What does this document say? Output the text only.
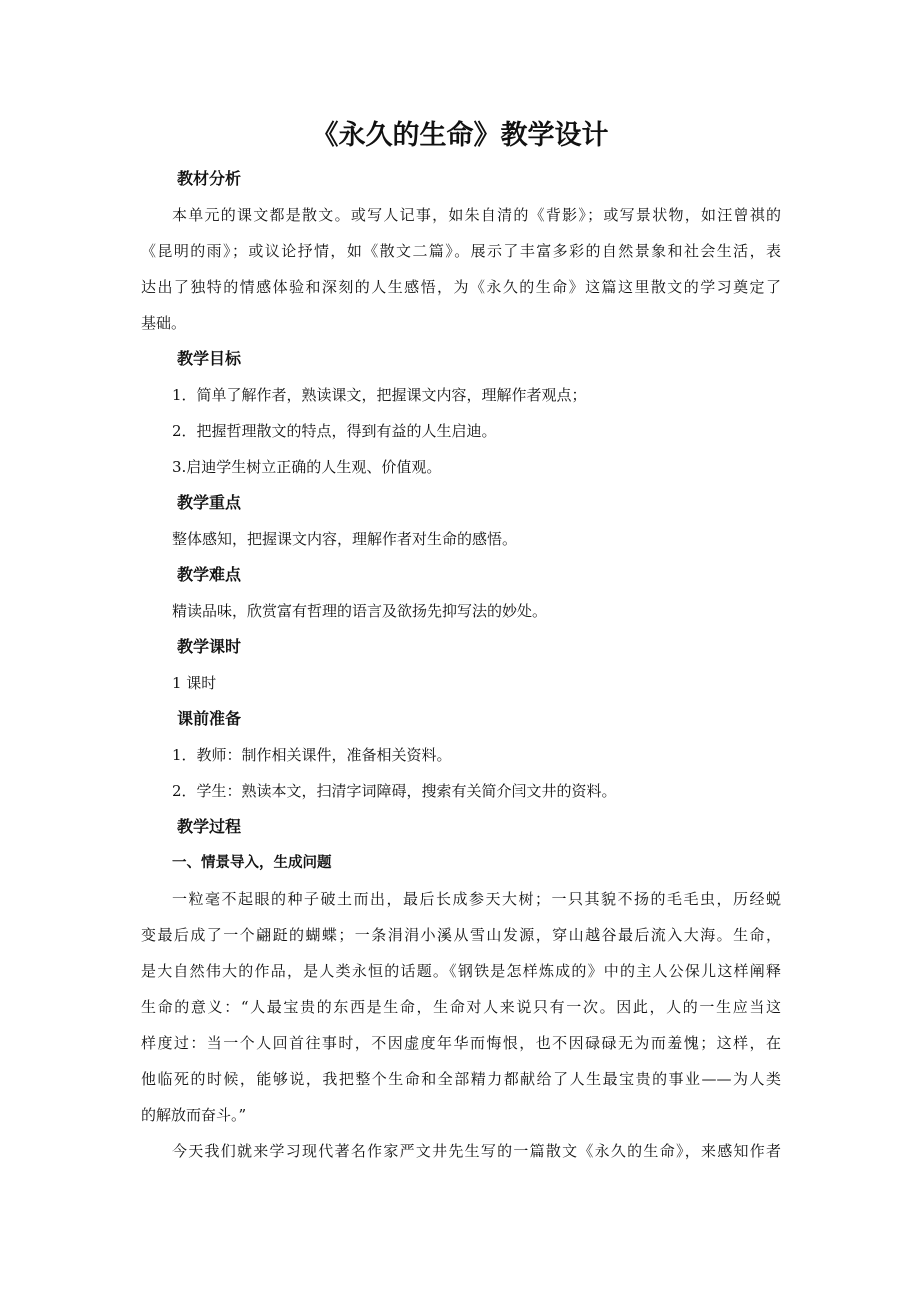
《永久的生命》教学设计
教材分析
本单元的课文都是散文。或写人记事，如朱自清的《背影》；或写景状物，如汪曾祺的
《昆明的雨》；或议论抒情，如《散文二篇》。展示了丰富多彩的自然景象和社会生活，表
达出了独特的情感体验和深刻的人生感悟，为《永久的生命》这篇这里散文的学习奠定了
基础。
教学目标
1．简单了解作者，熟读课文，把握课文内容，理解作者观点；
2．把握哲理散文的特点，得到有益的人生启迪。
3.启迪学生树立正确的人生观、价值观。
教学重点
整体感知，把握课文内容，理解作者对生命的感悟。
教学难点
精读品味，欣赏富有哲理的语言及欲扬先抑写法的妙处。
教学课时
1 课时
课前准备
1．教师：制作相关课件，准备相关资料。
2．学生：熟读本文，扫清字词障碍，搜索有关简介闫文井的资料。
教学过程
一、情景导入，生成问题
一粒毫不起眼的种子破土而出，最后长成参天大树；一只其貌不扬的毛毛虫，历经蜕
变最后成了一个翩跹的蝴蝶；一条涓涓小溪从雪山发源，穿山越谷最后流入大海。生命，
是大自然伟大的作品，是人类永恒的话题。《钢铁是怎样炼成的》中的主人公保儿这样阐释
生命的意义：“人最宝贵的东西是生命，生命对人来说只有一次。因此，人的一生应当这
样度过：当一个人回首往事时，不因虚度年华而悔恨，也不因碌碌无为而羞愧；这样，在
他临死的时候，能够说，我把整个生命和全部精力都献给了人生最宝贵的事业——为人类
的解放而奋斗。”
今天我们就来学习现代著名作家严文井先生写的一篇散文《永久的生命》，来感知作者
